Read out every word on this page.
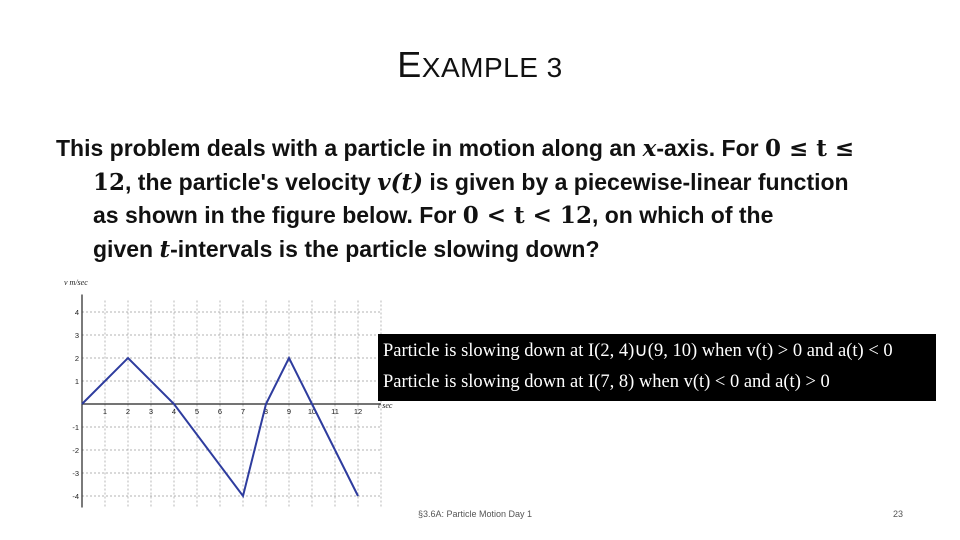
EXAMPLE 3
This problem deals with a particle in motion along an x-axis. For 0 ≤ t ≤
12, the particle's velocity v(t) is given by a piecewise-linear function
as shown in the figure below. For 0 < t < 12, on which of the
given t-intervals is the particle slowing down?
1	2	3	4	5	6	7	8	9 10 11 12
-4
-3
-2
-1
1
2
3
4
v m/sec
t sec
Particle is slowing down at I(2, 4)∪(9, 10) when v(t) > 0 and a(t) < 0
Particle is slowing down at I(7, 8) when v(t) < 0 and a(t) > 0
§3.6A: Particle Motion Day 1	23
